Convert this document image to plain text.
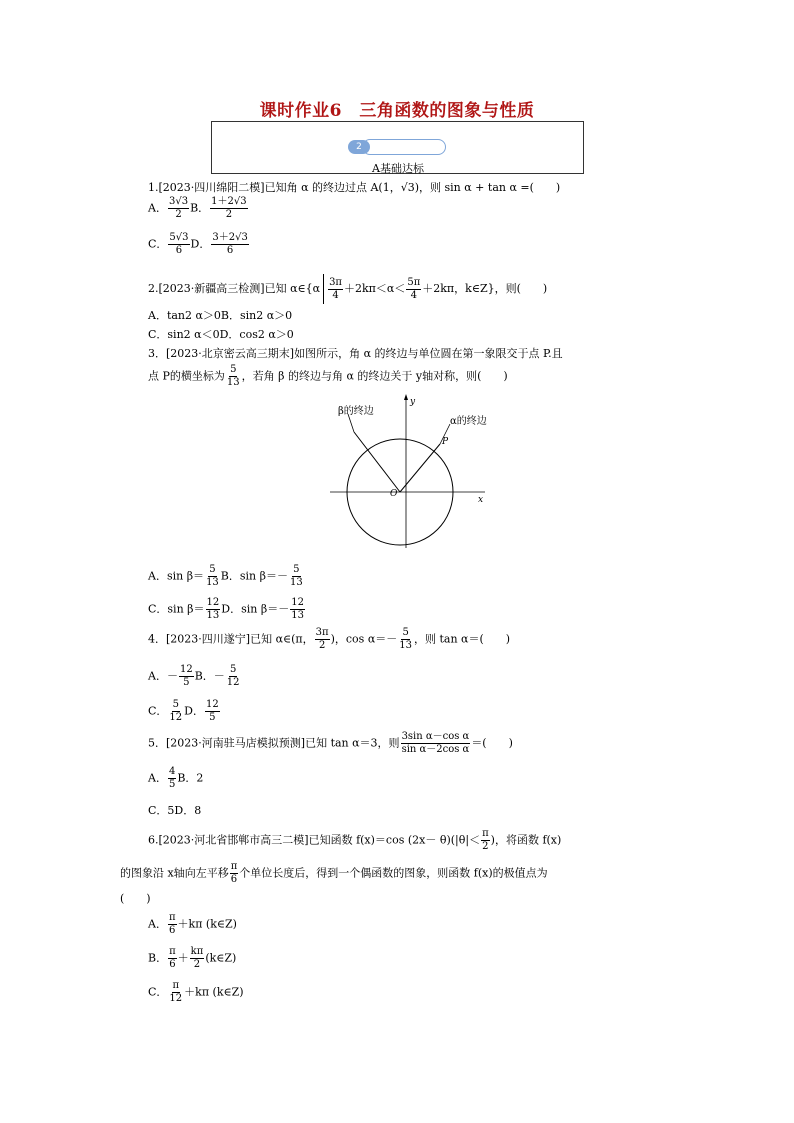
课时作业6　三角函数的图象与性质
2
A基础达标
1.[2023·四川绵阳二模]已知角 α 的终边过点 A(1，√3)，则 sin α + tan α =(　　)
A． $\frac{3√3}{2}$ B． $\frac{1+2√3}{2}$
C． $\frac{5√3}{6}$ D． $\frac{3+2√3}{6}$
2.[2023·新疆高三检测]已知 α∈{α $\frac{3\pi}{4} +2k\pi<\alpha< \frac{5\pi}{4} +2k\pi$，k∈Z}，则(　　)
A．tan2 α＞0B．sin2 α＞0
C．sin2 α＜0D．cos2 α＞0
3．[2023·北京密云高三期末]如图所示，角 α 的终边与单位圆在第一象限交于点 P.且
点 P的横坐标为 $\frac{5}{13}$ ，若角 β 的终边与角 α 的终边关于 y轴对称，则(　　)
β的终边
α的终边
y
x
O
P
A．$\sin \beta= \frac{5}{13}$ B．$\sin \beta=- \frac{5}{13}$
C．$\sin \beta= \frac{12}{13}$ D．$\sin \beta=- \frac{12}{13}$
4．[2023·四川遂宁]已知 α∈(π， $\frac{3\pi}{2}$ )，$\cos \alpha=- \frac{5}{13}$ ，则 tan α＝(　　)
A．－ $\frac{12}{5}$ B．－ $\frac{5}{12}$
C． $\frac{5}{12}$ D． $\frac{12}{5}$
5．[2023·河南驻马店模拟预测]已知 tan α＝3，则 $\frac{\text{3sin α－cos α}}{\text{sin α－2cos α}}$ ＝(　　)
A． $\frac{4}{5}$ B．2
C．5D．8
6.[2023·河北省邯郸市高三二模]已知函数 f(x)＝cos $(2x- \theta)(|\theta|< \frac{\pi}{2}$ )，将函数 f(x)
的图象沿 x轴向左平移 $\frac{\pi}{6}$ 个单位长度后，得到一个偶函数的图象，则函数 f(x)的极值点为
(　　)
A． $\frac{\pi}{6} +k\pi$ (k∈Z)
B． $\frac{\pi}{6} + \frac{k\pi}{2}$ (k∈Z)
C． $\frac{\pi}{12} +k\pi$ (k∈Z)
